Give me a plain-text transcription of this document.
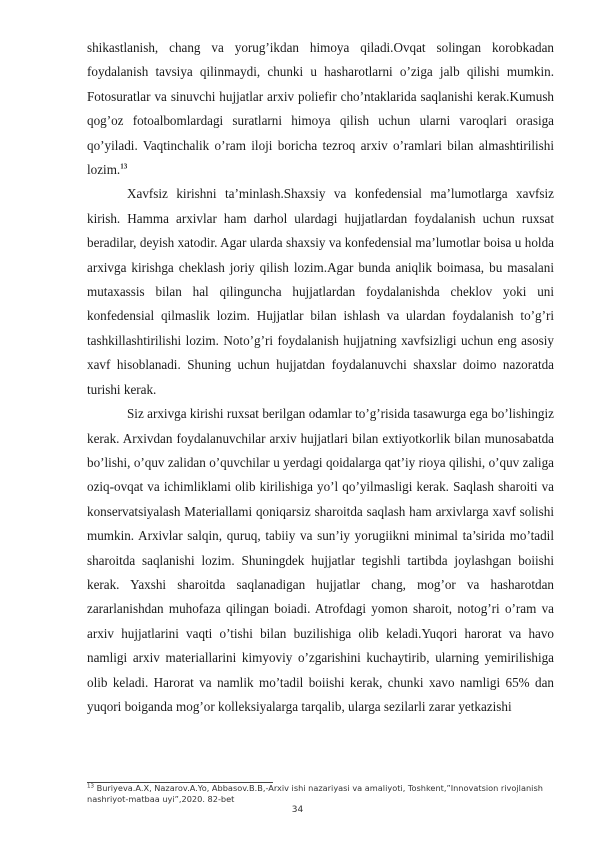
shikastlanish, chang va yorug’ikdan himoya qiladi.Ovqat solingan korobkadan foydalanish tavsiya qilinmaydi, chunki u hasharotlarni o’ziga jalb qilishi mumkin. Fotosuratlar va sinuvchi hujjatlar arxiv poliefir cho’ntaklarida saqlanishi kerak.Kumush qog’oz fotoalbomlardagi suratlarni himoya qilish uchun ularni varoqlari orasiga qo’yiladi. Vaqtinchalik o’ram iloji boricha tezroq arxiv o’ramlari bilan almashtirilishi lozim.$^{13}$

Xavfsiz kirishni ta’minlash.Shaxsiy va konfedensial ma’lumotlarga xavfsiz kirish. Hamma arxivlar ham darhol ulardagi hujjatlardan foydalanish uchun ruxsat beradilar, deyish xatodir. Agar ularda shaxsiy va konfedensial ma’lumotlar boisa u holda arxivga kirishga cheklash joriy qilish lozim.Agar bunda aniqlik boimasa, bu masalani mutaxassis bilan hal qilinguncha hujjatlardan foydalanishda cheklov yoki uni konfedensial qilmaslik lozim. Hujjatlar bilan ishlash va ulardan foydalanish to’g’ri tashkillashtirilishi lozim. Noto’g’ri foydalanish hujjatning xavfsizligi uchun eng asosiy xavf hisoblanadi. Shuning uchun hujjatdan foydalanuvchi shaxslar doimo nazoratda turishi kerak.

Siz arxivga kirishi ruxsat berilgan odamlar to’g’risida tasawurga ega bo’lishingiz kerak. Arxivdan foydalanuvchilar arxiv hujjatlari bilan extiyotkorlik bilan munosabatda bo’lishi, o’quv zalidan o’quvchilar u yerdagi qoidalarga qat’iy rioya qilishi, o’quv zaliga oziq-ovqat va ichimliklami olib kirilishiga yo’l qo’yilmasligi kerak. Saqlash sharoiti va konservatsiyalash Materiallami qoniqarsiz sharoitda saqlash ham arxivlarga xavf solishi mumkin. Arxivlar salqin, quruq, tabiiy va sun’iy yorugiikni minimal ta’sirida mo’tadil sharoitda saqlanishi lozim. Shuningdek hujjatlar tegishli tartibda joylashgan boiishi kerak. Yaxshi sharoitda saqlanadigan hujjatlar chang, mog’or va hasharotdan zararlanishdan muhofaza qilingan boiadi. Atrofdagi yomon sharoit, notog’ri o’ram va arxiv hujjatlarini vaqti o’tishi bilan buzilishiga olib keladi.Yuqori harorat va havo namligi arxiv materiallarini kimyoviy o’zgarishini kuchaytirib, ularning yemirilishiga olib keladi. Harorat va namlik mo’tadil boiishi kerak, chunki xavo namligi 65% dan yuqori boiganda mog’or kolleksiyalarga tarqalib, ularga sezilarli zarar yetkazishi

$^{13}$ Buriyeva.A.X, Nazarov.A.Yo, Abbasov.B.B,-Arxiv ishi nazariyasi va amaliyoti, Toshkent,”Innovatsion rivojlanish nashriyot-matbaa uyi”,2020. 82-bet
34
